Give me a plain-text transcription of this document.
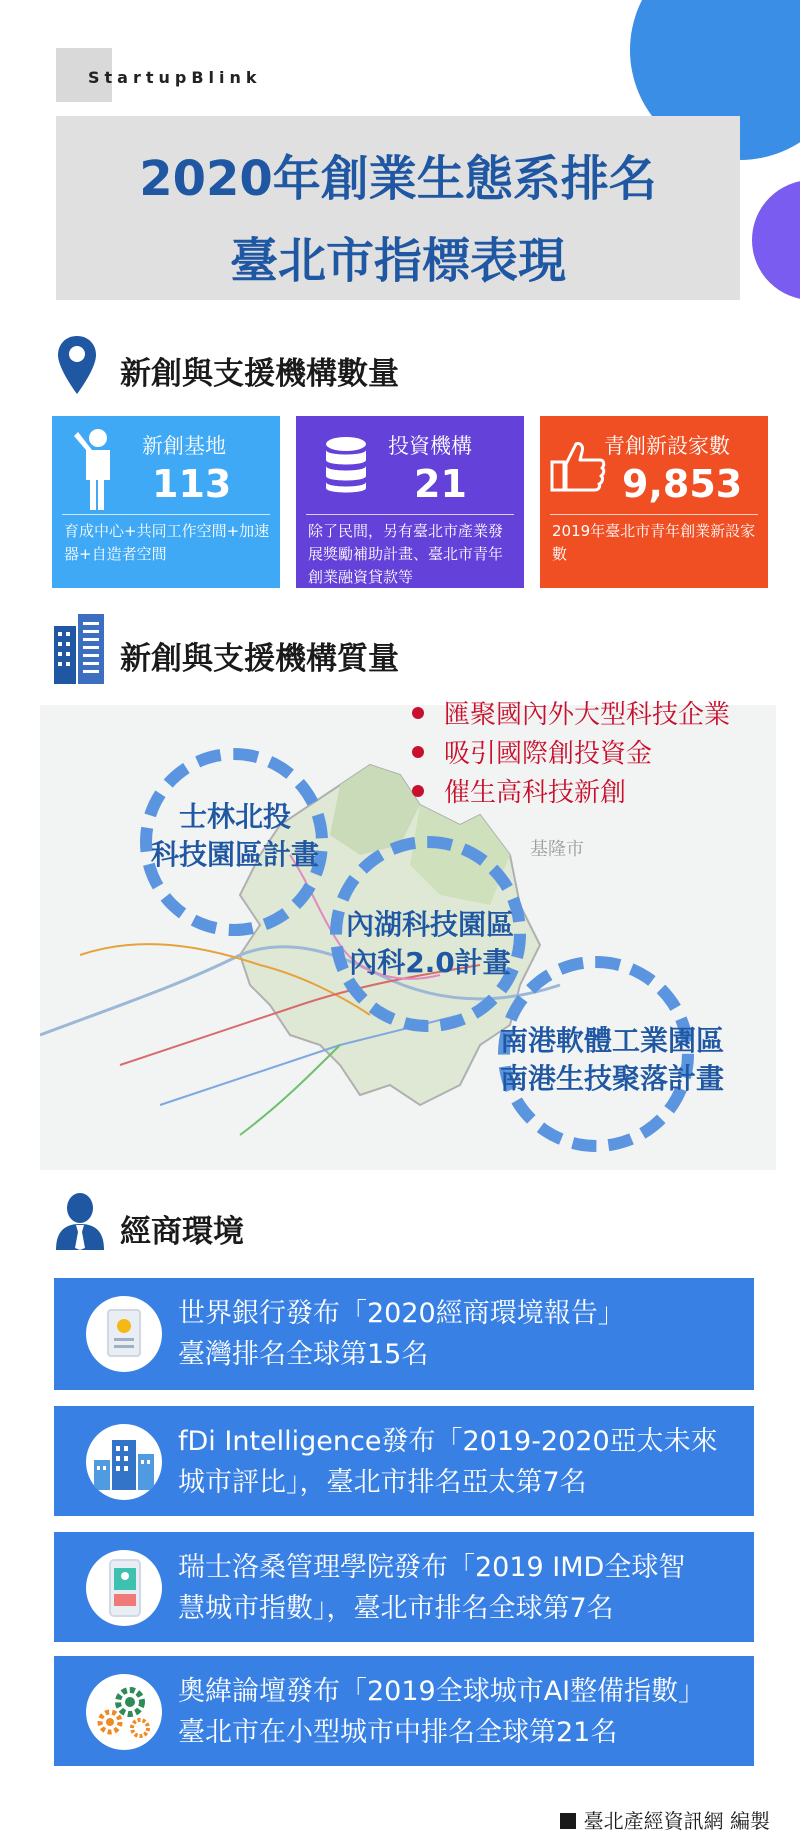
StartupBlink
2020年創業生態系排名
臺北市指標表現
新創與支援機構數量
新創基地
113
育成中心+共同工作空間+加速器+自造者空間
投資機構
21
除了民間，另有臺北市產業發展獎勵補助計畫、臺北市青年創業融資貸款等
青創新設家數
9,853
2019年臺北市青年創業新設家數
新創與支援機構質量
基隆市
匯聚國內外大型科技企業
吸引國際創投資金
催生高科技新創
士林北投
科技園區計畫
內湖科技園區
內科2.0計畫
南港軟體工業園區
南港生技聚落計畫
經商環境
世界銀行發布「2020經商環境報告」
臺灣排名全球第15名
fDi Intelligence發布「2019-2020亞太未來
城市評比」，臺北市排名亞太第7名
瑞士洛桑管理學院發布「2019 IMD全球智
慧城市指數」，臺北市排名全球第7名
奧緯論壇發布「2019全球城市AI整備指數」
臺北市在小型城市中排名全球第21名
臺北產經資訊網 編製
